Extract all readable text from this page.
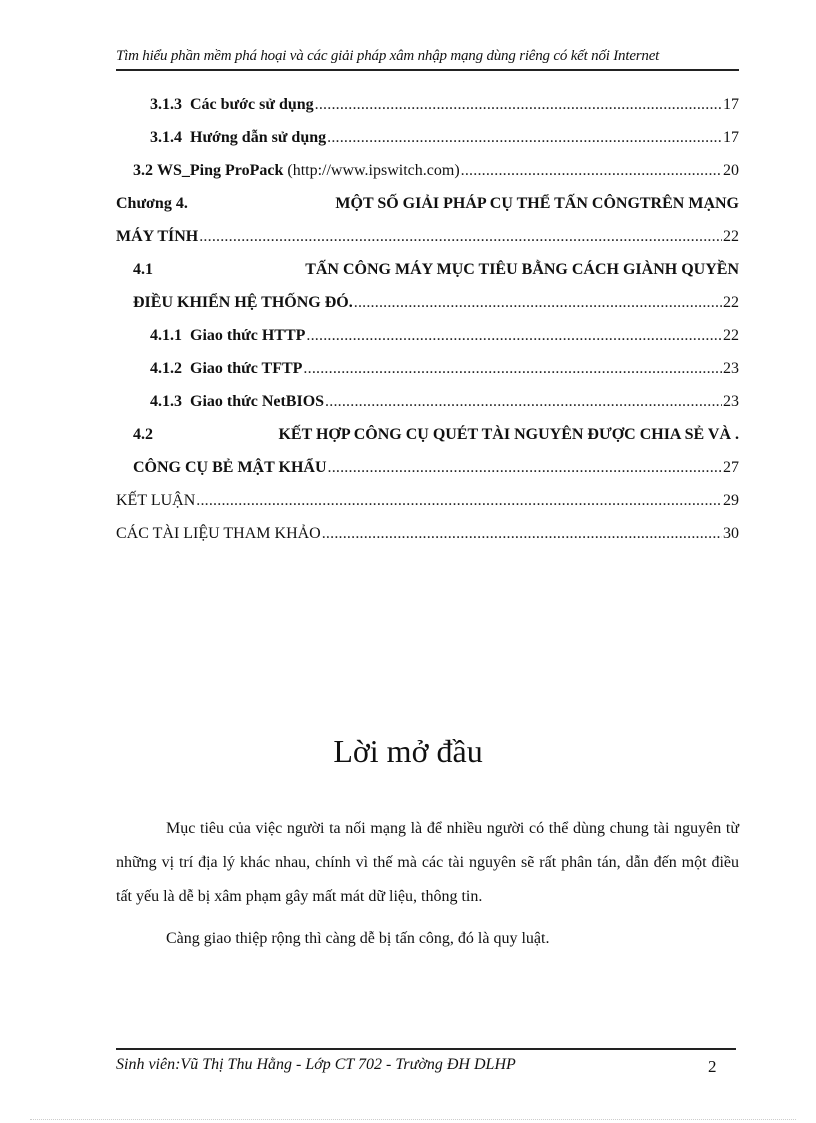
Tìm hiểu phần mềm phá hoại và các giải pháp xâm nhập mạng dùng riêng có kết nối Internet
3.1.3 Các bước sử dụng .....	17
3.1.4 Hướng dẫn sử dụng .....	17
3.2 WS_Ping ProPack (http://www.ipswitch.com) .....	20
Chương 4.	MỘT SỐ GIẢI PHÁP CỤ THỂ TẤN CÔNGTRÊN MẠNG
MÁY TÍNH .....	22
4.1	TẤN CÔNG MÁY MỤC TIÊU BẰNG CÁCH GIÀNH QUYỀN
ĐIỀU KHIỂN HỆ THỐNG ĐÓ. .....	22
4.1.1 Giao thức HTTP .....	22
4.1.2 Giao thức TFTP .....	23
4.1.3 Giao thức NetBIOS .....	23
4.2	KẾT HỢP CÔNG CỤ QUÉT TÀI NGUYÊN ĐƯỢC CHIA SẺ VÀ .
CÔNG CỤ BẺ MẬT KHẨU .....	27
KẾT LUẬN .....	29
CÁC TÀI LIỆU THAM KHẢO .....	30
Lời mở đầu

Mục tiêu của việc người ta nối mạng là để nhiều người có thể dùng chung tài nguyên từ những vị trí địa lý khác nhau, chính vì thế mà các tài nguyên sẽ rất phân tán, dẫn đến một điều tất yếu là dễ bị xâm phạm gây mất mát dữ liệu, thông tin.

Càng giao thiệp rộng thì càng dễ bị tấn công, đó là quy luật.

Sinh viên:Vũ Thị Thu Hằng - Lớp CT 702 - Trường ĐH DLHP	2
